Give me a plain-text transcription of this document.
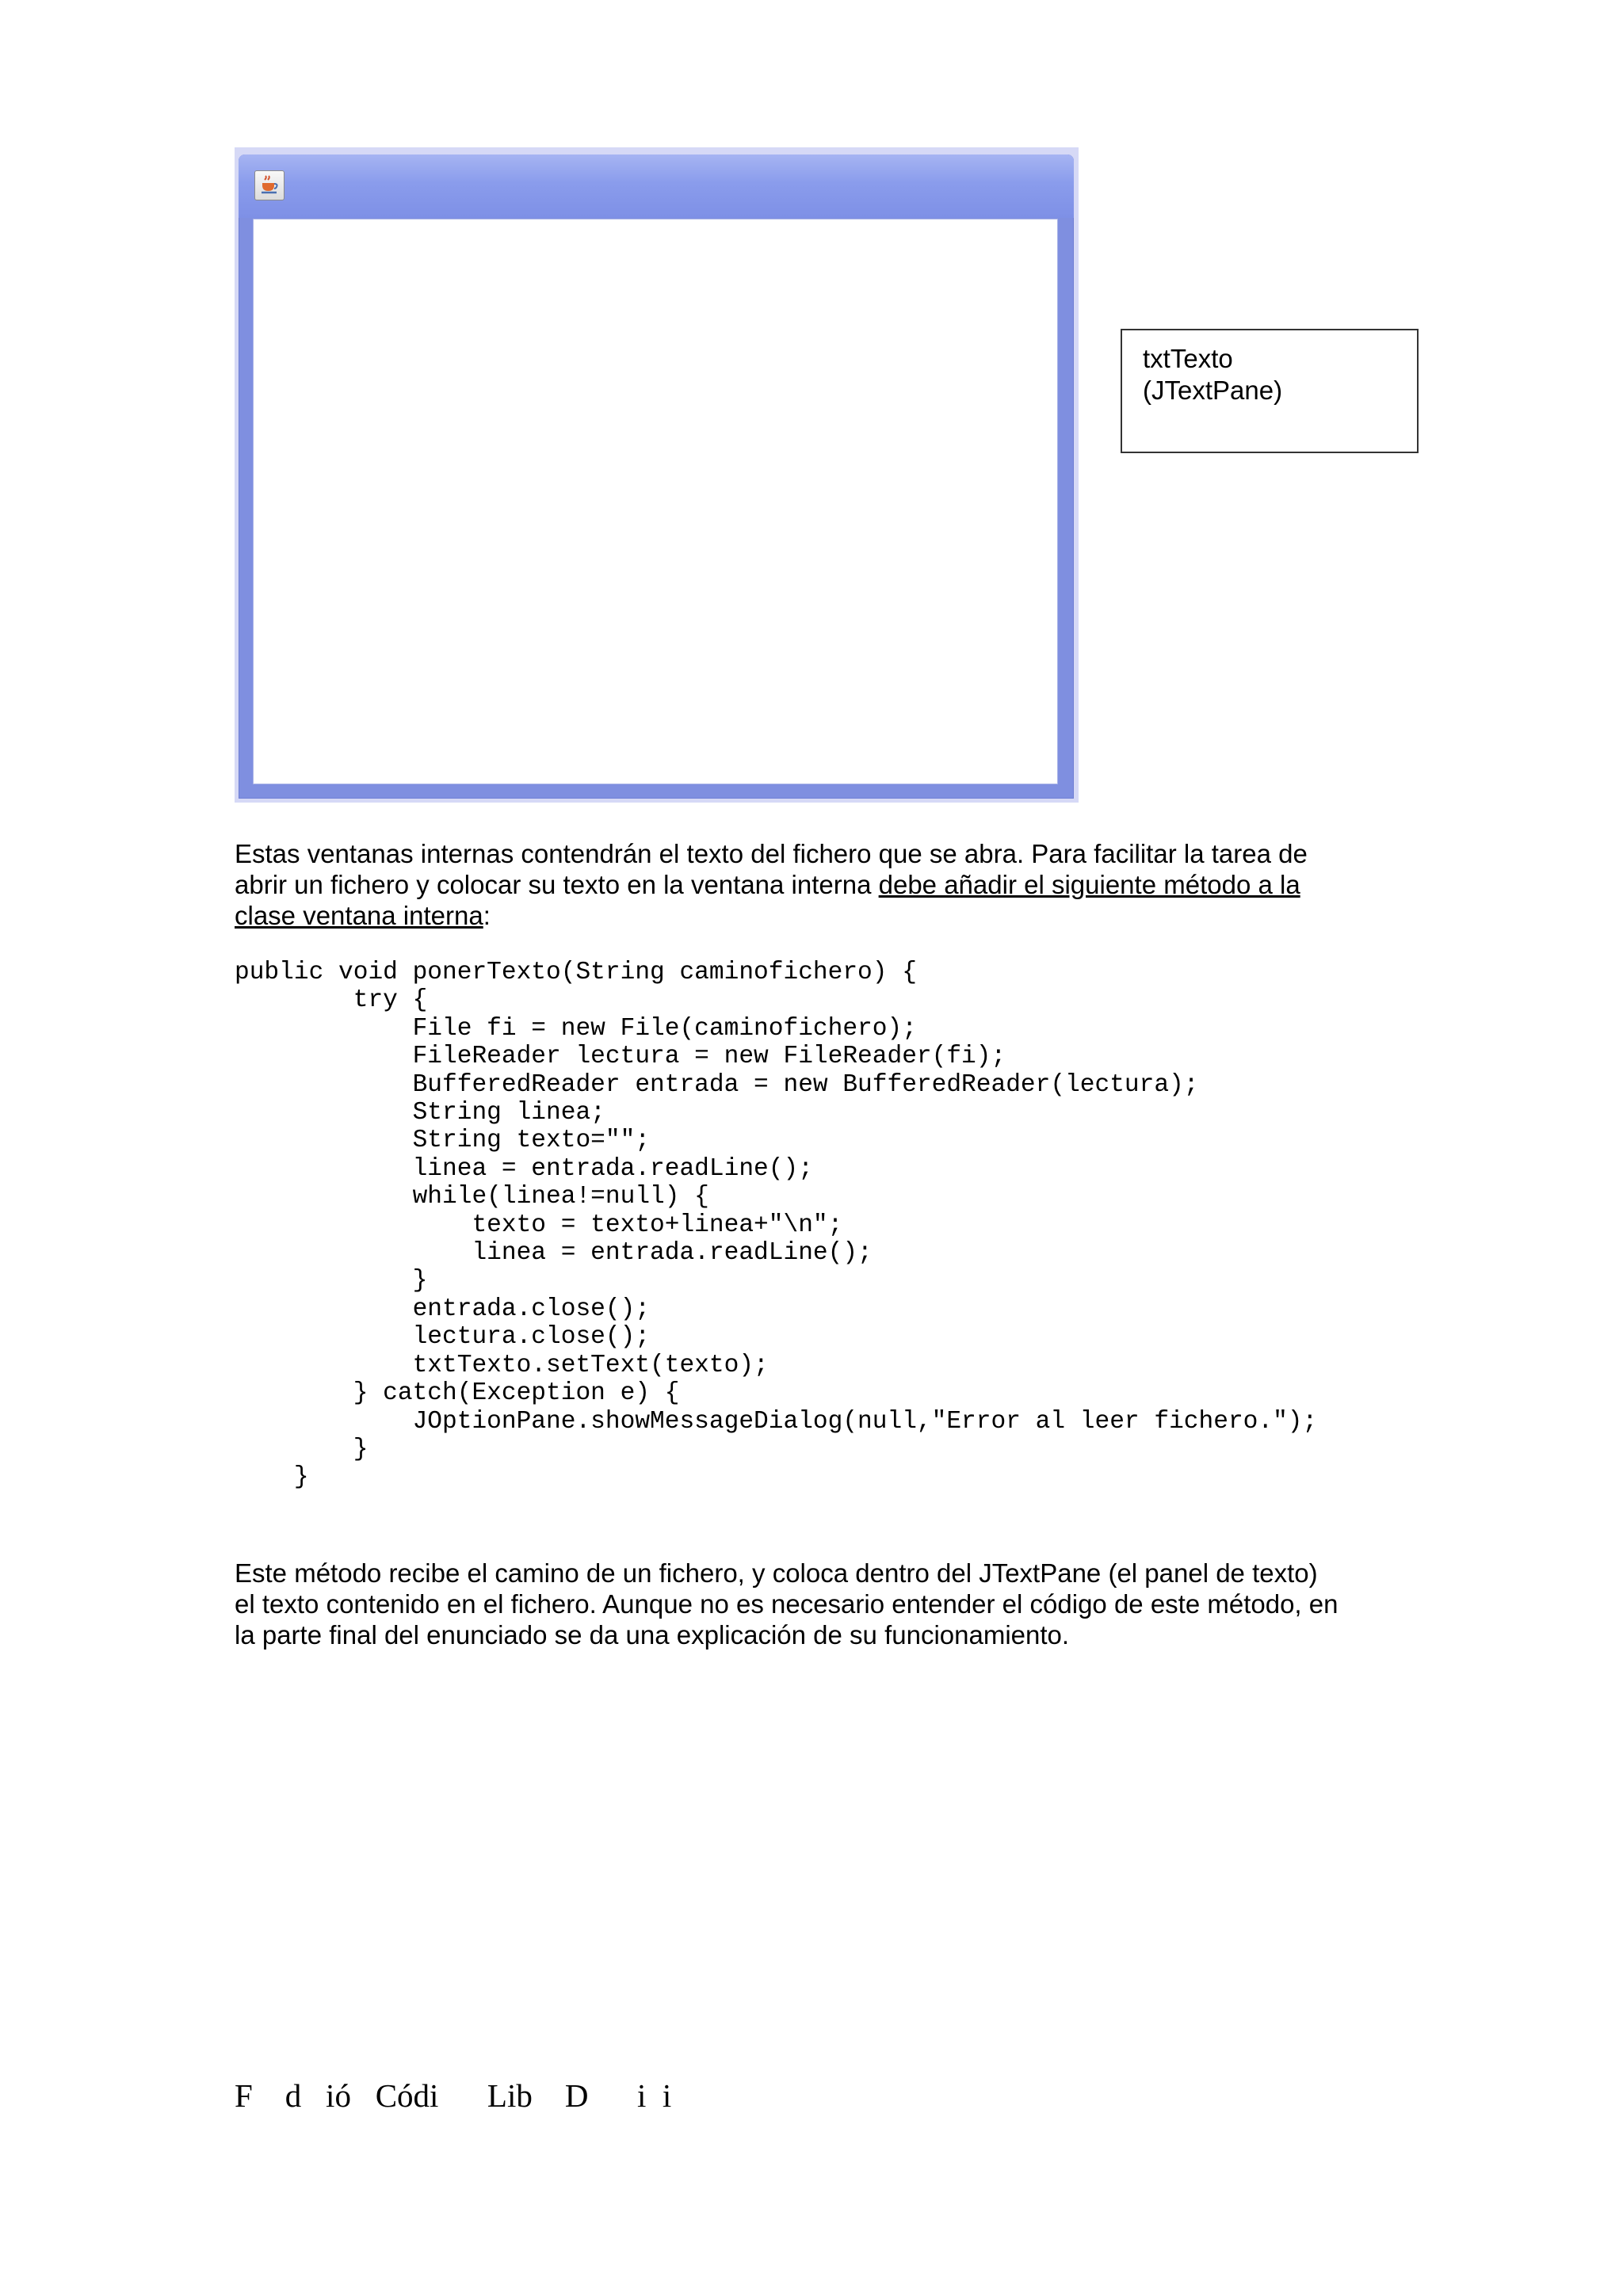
txtTexto
(JTextPane)
Estas ventanas internas contendrán el texto del fichero que se abra. Para facilitar la tarea de
abrir un fichero y colocar su texto en la ventana interna debe añadir el siguiente método a la
clase ventana interna:
public void ponerTexto(String caminofichero) {
try {
File fi = new File(caminofichero);
FileReader lectura = new FileReader(fi);
BufferedReader entrada = new BufferedReader(lectura);
String linea;
String texto="";
linea = entrada.readLine();
while(linea!=null) {
texto = texto+linea+"\n";
linea = entrada.readLine();
}
entrada.close();
lectura.close();
txtTexto.setText(texto);
} catch(Exception e) {
JOptionPane.showMessageDialog(null,"Error al leer fichero.");
}
}
Este método recibe el camino de un fichero, y coloca dentro del JTextPane (el panel de texto)
el texto contenido en el fichero. Aunque no es necesario entender el código de este método, en
la parte final del enunciado se da una explicación de su funcionamiento.
F    d   ió   Códi      Lib    D      i  i
